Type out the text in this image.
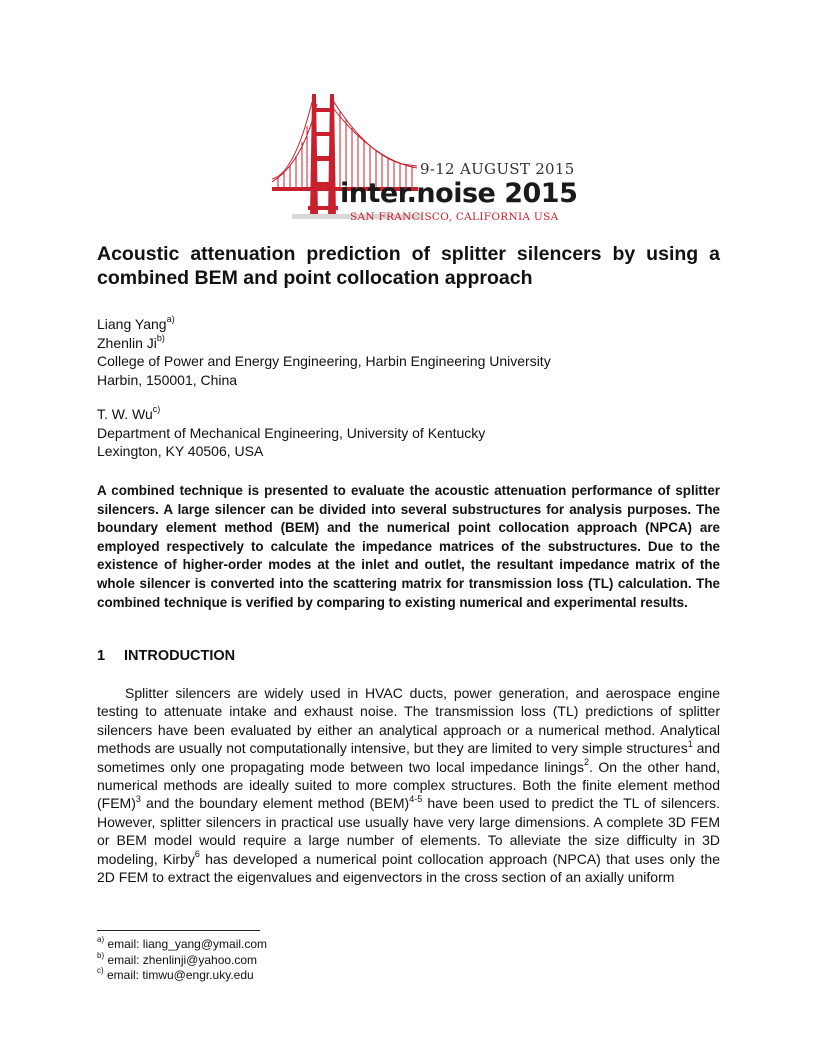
9-12 AUGUST 2015
inter.noise 2015
SAN FRANCISCO, CALIFORNIA USA
Acoustic attenuation prediction of splitter silencers by using a
combined BEM and point collocation approach
Liang Yang$^{a)}$
Zhenlin Ji$^{b)}$
College of Power and Energy Engineering, Harbin Engineering University
Harbin, 150001, China
T. W. Wu$^{c)}$
Department of Mechanical Engineering, University of Kentucky
Lexington, KY 40506, USA
A combined technique is presented to evaluate the acoustic attenuation performance of splitter silencers. A large silencer can be divided into several substructures for analysis purposes. The boundary element method (BEM) and the numerical point collocation approach (NPCA) are employed respectively to calculate the impedance matrices of the substructures. Due to the existence of higher-order modes at the inlet and outlet, the resultant impedance matrix of the whole silencer is converted into the scattering matrix for transmission loss (TL) calculation. The combined technique is verified by comparing to existing numerical and experimental results.
1 INTRODUCTION
Splitter silencers are widely used in HVAC ducts, power generation, and aerospace engine testing to attenuate intake and exhaust noise. The transmission loss (TL) predictions of splitter silencers have been evaluated by either an analytical approach or a numerical method. Analytical methods are usually not computationally intensive, but they are limited to very simple structures$^1$ and sometimes only one propagating mode between two local impedance linings$^2$. On the other hand, numerical methods are ideally suited to more complex structures. Both the finite element method (FEM)$^3$ and the boundary element method (BEM)$^{4-5}$ have been used to predict the TL of silencers. However, splitter silencers in practical use usually have very large dimensions. A complete 3D FEM or BEM model would require a large number of elements. To alleviate the size difficulty in 3D modeling, Kirby$^6$ has developed a numerical point collocation approach (NPCA) that uses only the 2D FEM to extract the eigenvalues and eigenvectors in the cross section of an axially uniform
$^{a)}$ email: liang_yang@ymail.com
$^{b)}$ email: zhenlinji@yahoo.com
$^{c)}$ email: timwu@engr.uky.edu
